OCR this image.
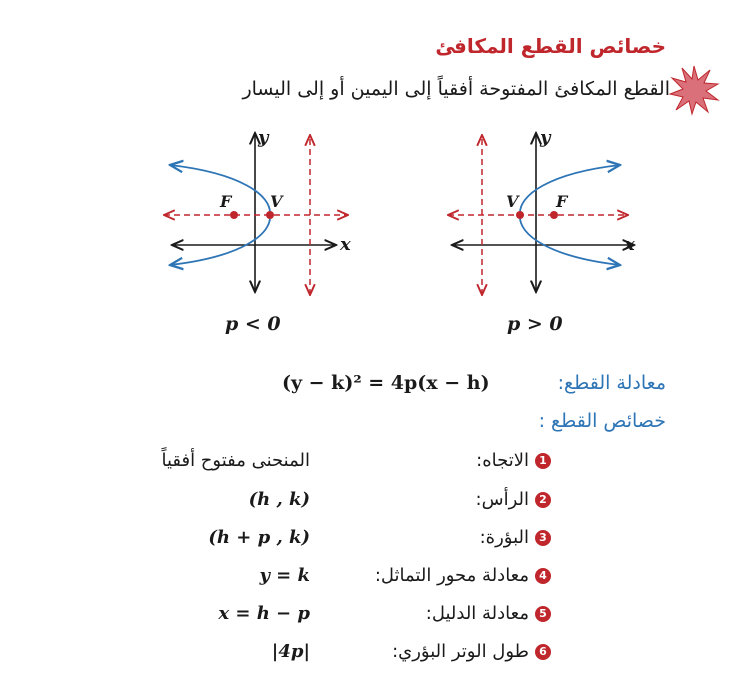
خصائص القطع المكافئ
القطع المكافئ المفتوحة أفقياً إلى اليمين أو إلى اليسار
F V
x
y
p < 0
V F
x
y
p > 0
معادلة القطع:
(y − k)² = 4p(x − h)
خصائص القطع :
1الاتجاه:
المنحنى مفتوح أفقياً
2الرأس:
(h , k)
3البؤرة:
(h + p , k)
4معادلة محور التماثل:
y = k
5معادلة الدليل:
x = h − p
6طول الوتر البؤري:
|4p|
